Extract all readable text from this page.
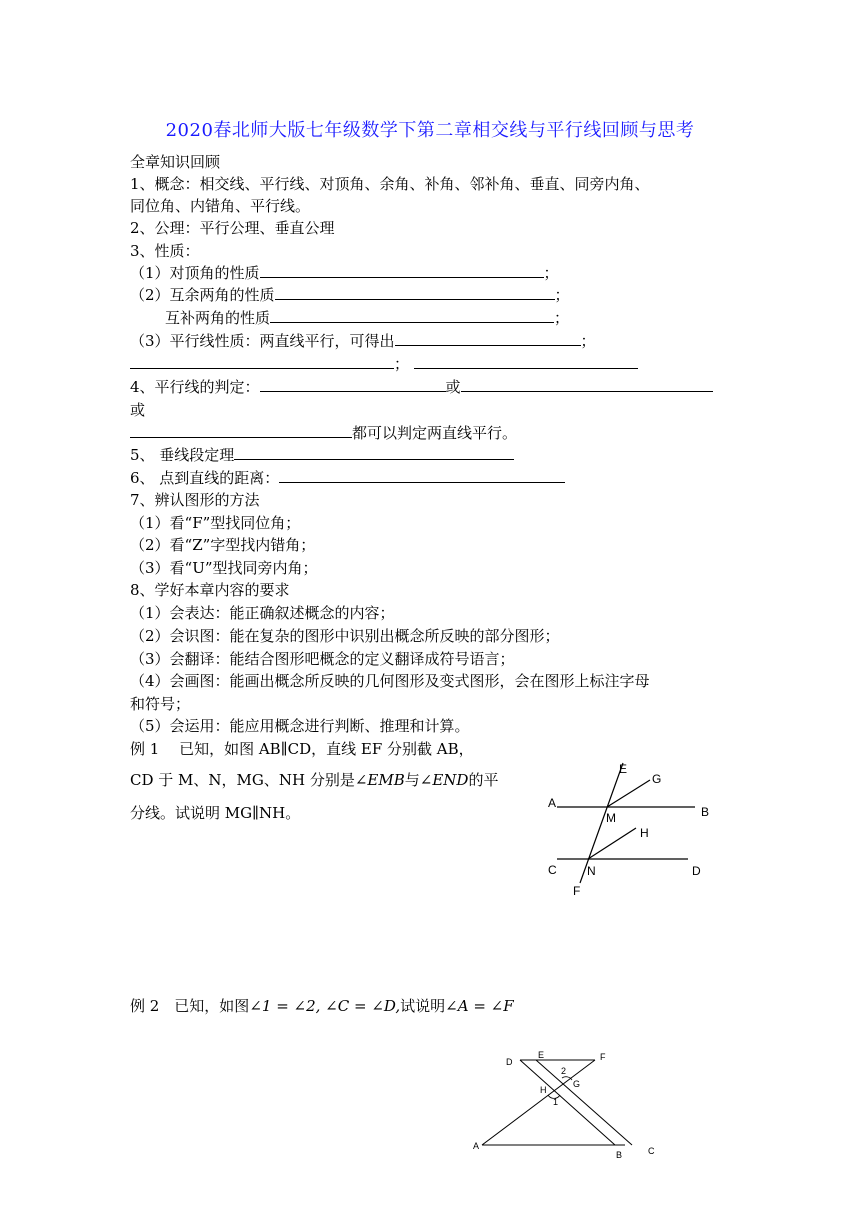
2020春北师大版七年级数学下第二章相交线与平行线回顾与思考
全章知识回顾
1、概念：相交线、平行线、对顶角、余角、补角、邻补角、垂直、同旁内角、
同位角、内错角、平行线。
2、公理：平行公理、垂直公理
3、性质：
（1）对顶角的性质	；
（2）互余两角的性质	；
互补两角的性质	；
（3）平行线性质：两直线平行，可得出	；
；
4、平行线的判定：	或
或
都可以判定两直线平行。
5、 垂线段定理
6、 点到直线的距离：
7、辨认图形的方法
（1）看“F”型找同位角；
（2）看“Z”字型找内错角；
（3）看“U”型找同旁内角；
8、学好本章内容的要求
（1）会表达：能正确叙述概念的内容；
（2）会识图：能在复杂的图形中识别出概念所反映的部分图形；
（3）会翻译：能结合图形吧概念的定义翻译成符号语言；
（4）会画图：能画出概念所反映的几何图形及变式图形，会在图形上标注字母
和符号；
（5）会运用：能应用概念进行判断、推理和计算。
例 1　 已知，如图 AB∥CD，直线 EF 分别截 AB，
CD 于 M、N，MG、NH 分别是∠EMB与∠END的平
分线。试说明 MG∥NH。
E
G
A
B
M
H
C	N	D
F
例 2　已知，如图∠1 = ∠2, ∠C = ∠D,试说明∠A = ∠F
D
E	F
2
G
H
1
A
B	C
